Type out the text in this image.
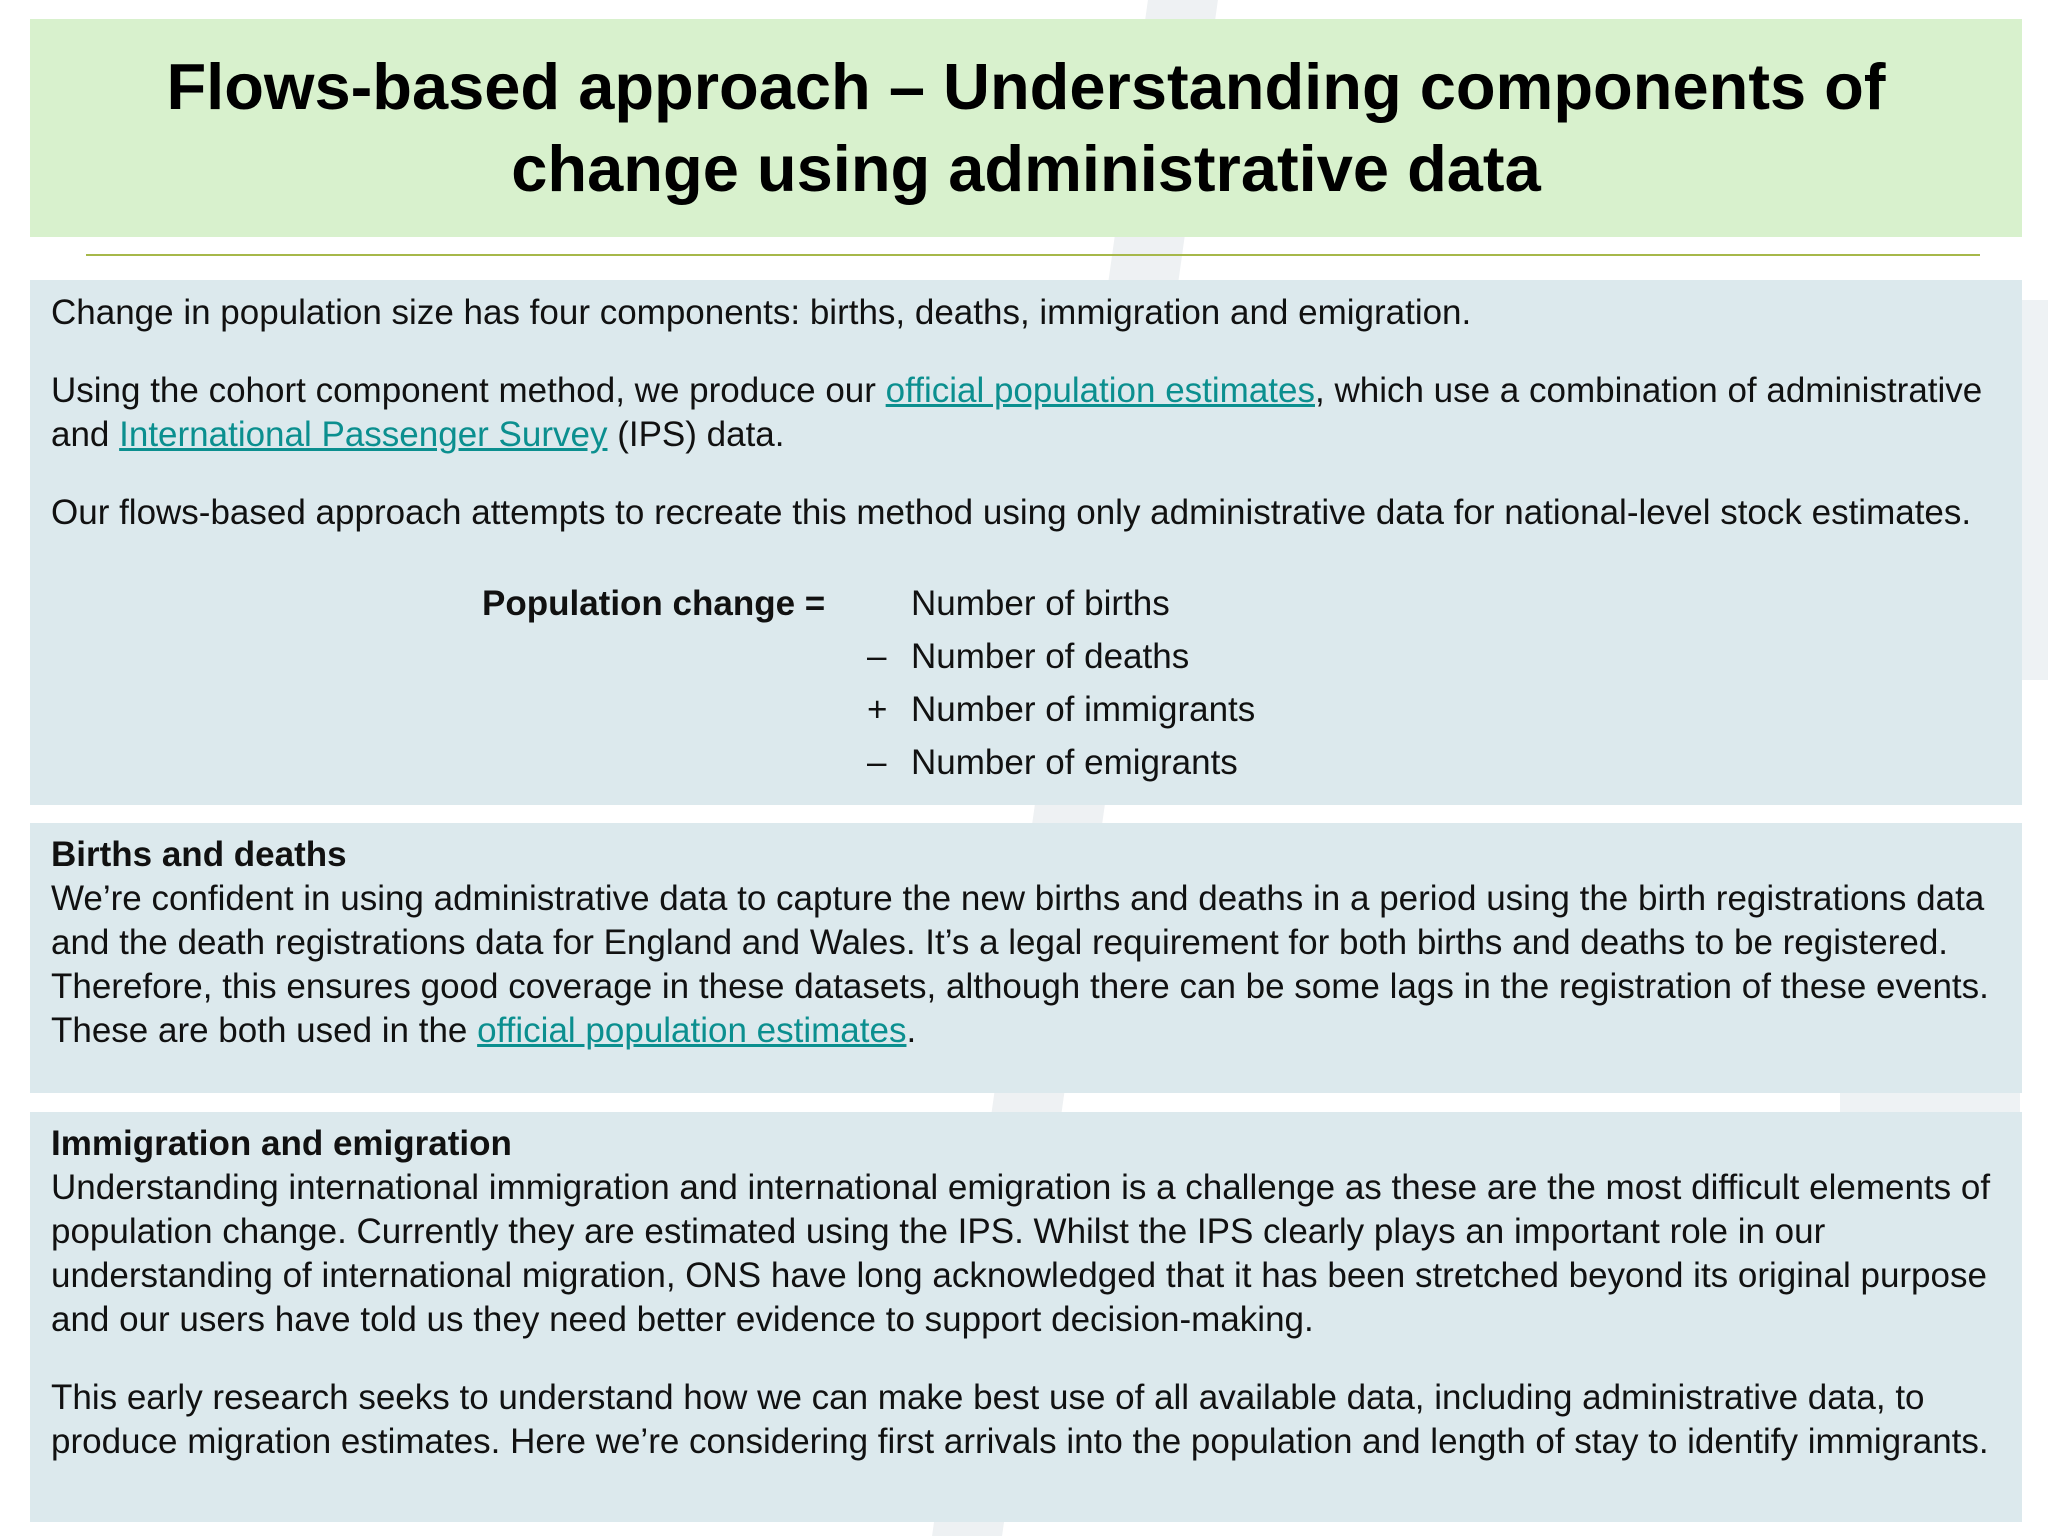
Flows-based approach – Understanding components of change using administrative data

Change in population size has four components: births, deaths, immigration and emigration.

Using the cohort component method, we produce our official population estimates, which use a combination of administrative and International Passenger Survey (IPS) data.

Our flows-based approach attempts to recreate this method using only administrative data for national-level stock estimates.

Population change =	Number of births
– Number of deaths
+ Number of immigrants
– Number of emigrants

Births and deaths

We’re confident in using administrative data to capture the new births and deaths in a period using the birth registrations data and the death registrations data for England and Wales. It’s a legal requirement for both births and deaths to be registered. Therefore, this ensures good coverage in these datasets, although there can be some lags in the registration of these events. These are both used in the official population estimates.

Immigration and emigration

Understanding international immigration and international emigration is a challenge as these are the most difficult elements of population change. Currently they are estimated using the IPS. Whilst the IPS clearly plays an important role in our understanding of international migration, ONS have long acknowledged that it has been stretched beyond its original purpose and our users have told us they need better evidence to support decision-making.

This early research seeks to understand how we can make best use of all available data, including administrative data, to produce migration estimates. Here we’re considering first arrivals into the population and length of stay to identify immigrants.
